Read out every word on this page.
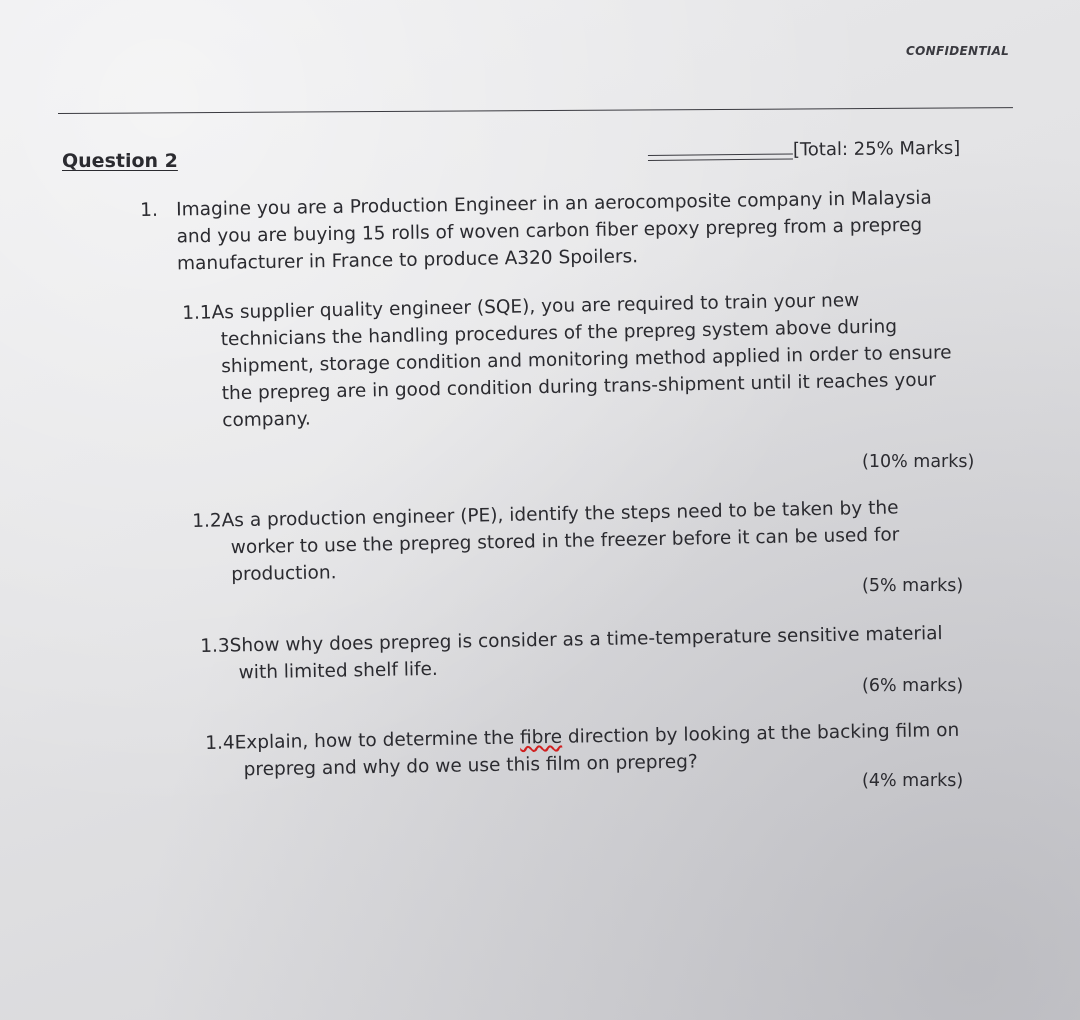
CONFIDENTIAL
Question 2
[Total: 25% Marks]
1. Imagine you are a Production Engineer in an aerocomposite company in Malaysia
and you are buying 15 rolls of woven carbon fiber epoxy prepreg from a prepreg
manufacturer in France to produce A320 Spoilers.
1.1As supplier quality engineer (SQE), you are required to train your new
technicians the handling procedures of the prepreg system above during
shipment, storage condition and monitoring method applied in order to ensure
the prepreg are in good condition during trans-shipment until it reaches your
company.
(10% marks)
1.2As a production engineer (PE), identify the steps need to be taken by the
worker to use the prepreg stored in the freezer before it can be used for
production.
(5% marks)
1.3Show why does prepreg is consider as a time-temperature sensitive material
with limited shelf life.
(6% marks)
1.4Explain, how to determine the fibre direction by looking at the backing film on
prepreg and why do we use this film on prepreg?
(4% marks)
